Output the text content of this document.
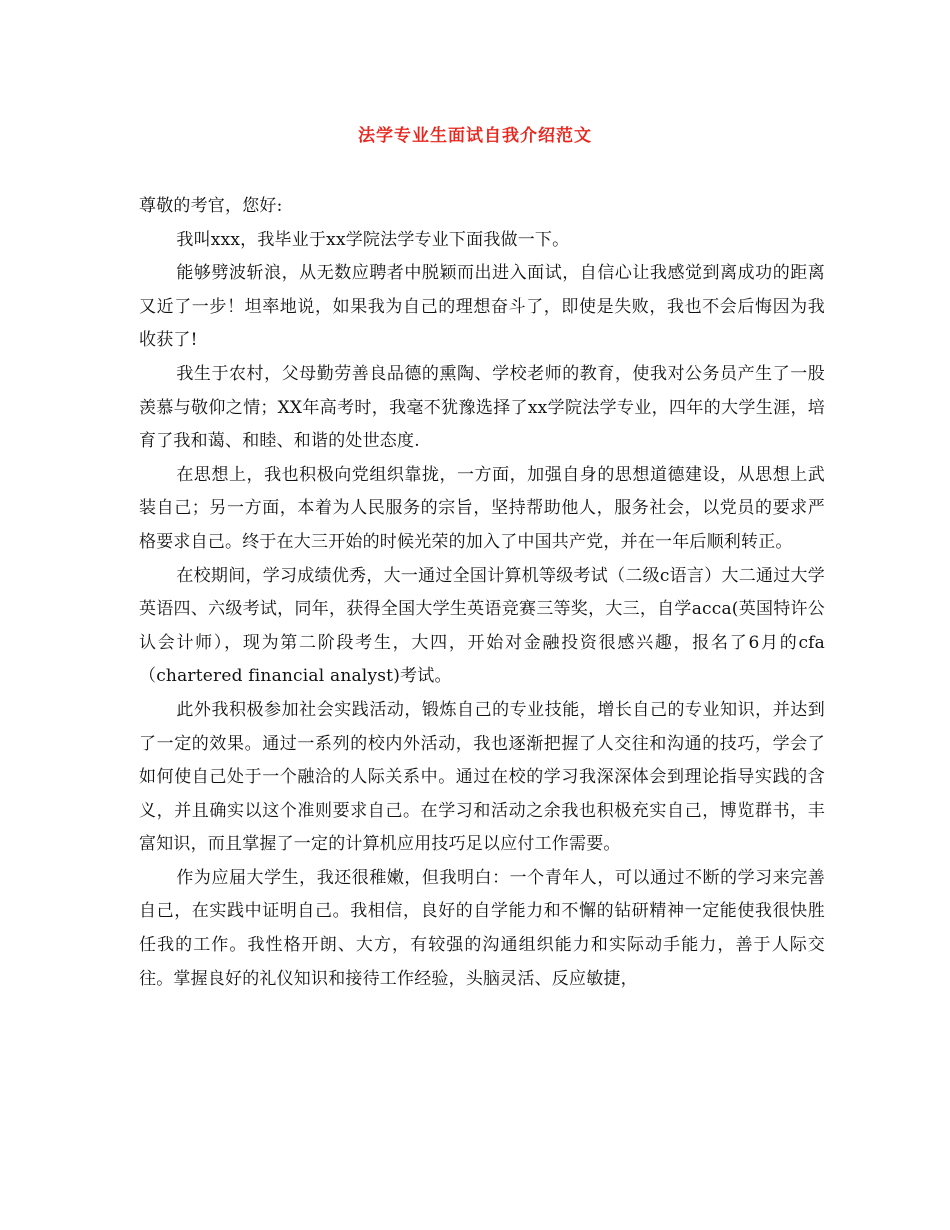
法学专业生面试自我介绍范文

尊敬的考官，您好:

我叫xxx，我毕业于xx学院法学专业下面我做一下。

能够劈波斩浪，从无数应聘者中脱颖而出进入面试，自信心让我感觉到离成功的距离又近了一步！坦率地说，如果我为自己的理想奋斗了，即使是失败，我也不会后悔因为我收获了!

我生于农村，父母勤劳善良品德的熏陶、学校老师的教育，使我对公务员产生了一股羡慕与敬仰之情；XX年高考时，我毫不犹豫选择了xx学院法学专业，四年的大学生涯，培育了我和蔼、和睦、和谐的处世态度.

在思想上，我也积极向党组织靠拢，一方面，加强自身的思想道德建设，从思想上武装自己；另一方面，本着为人民服务的宗旨，坚持帮助他人，服务社会，以党员的要求严格要求自己。终于在大三开始的时候光荣的加入了中国共产党，并在一年后顺利转正。

在校期间，学习成绩优秀，大一通过全国计算机等级考试（二级c语言）大二通过大学英语四、六级考试，同年，获得全国大学生英语竞赛三等奖，大三，自学acca(英国特许公认会计师），现为第二阶段考生，大四，开始对金融投资很感兴趣，报名了6月的cfa（chartered financial analyst)考试。

此外我积极参加社会实践活动，锻炼自己的专业技能，增长自己的专业知识，并达到了一定的效果。通过一系列的校内外活动，我也逐渐把握了人交往和沟通的技巧，学会了如何使自己处于一个融洽的人际关系中。通过在校的学习我深深体会到理论指导实践的含义，并且确实以这个准则要求自己。在学习和活动之余我也积极充实自己，博览群书，丰富知识，而且掌握了一定的计算机应用技巧足以应付工作需要。

作为应届大学生，我还很稚嫩，但我明白：一个青年人，可以通过不断的学习来完善自己，在实践中证明自己。我相信，良好的自学能力和不懈的钻研精神一定能使我很快胜任我的工作。我性格开朗、大方，有较强的沟通组织能力和实际动手能力，善于人际交往。掌握良好的礼仪知识和接待工作经验，头脑灵活、反应敏捷，
